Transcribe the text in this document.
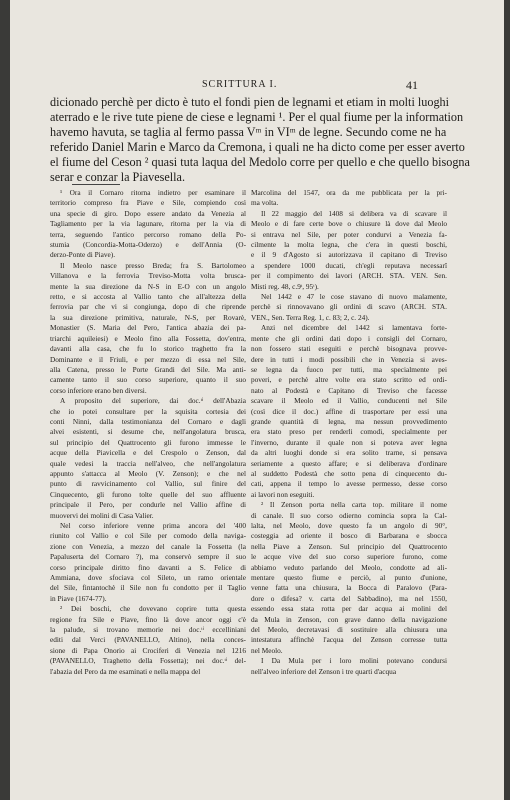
SCRITTURA I.	41
dicionado perchè per dicto è tuto el fondi pien de legnami et etiam in molti luoghi
aterrado e le rive tute piene de ciese e legnami ¹. Per el qual fiume per la information
havemo havuta, se taglia al fermo passa Vᵐ in VIᵐ de legne. Secundo come ne ha
referido Daniel Marin e Marco da Cremona, i quali ne ha dicto come per esser averto
el fiume del Ceson ² quasi tuta laqua del Medolo corre per quello e che quello bisogna
serar e conzar la Piavesella.
¹ Ora il Cornaro ritorna indietro per esaminare il
territorio compreso fra Piave e Sile, compiendo così
una specie di giro. Dopo essere andato da Venezia al
Tagliamento per la via lagunare, ritorna per la via di
terra, seguendo l'antico percorso romano della Po-
stumia (Concordia-Motta-Oderzo) e dell'Annia (O-
derzo-Ponte di Piave).
Il Meolo nasce presso Breda; fra S. Bartolomeo
Villanova e la ferrovia Treviso-Motta volta brusca-
mente la sua direzione da N-S in E-O con un angolo
retto, e si accosta al Vallio tanto che all'altezza della
ferrovia par che vi si congiunga, dopo di che riprende
la sua direzione primitiva, naturale, N-S, per Rovarè,
Monastier (S. Maria del Pero, l'antica abazia dei pa-
triarchi aquileiesi) e Meolo fino alla Fossetta, dov'entra,
davanti alla casa, che fu lo storico traghetto fra la
Dominante e il Friuli, e per mezzo di essa nel Sile,
alla Catena, presso le Porte Grandi del Sile. Ma anti-
camente tanto il suo corso superiore, quanto il suo
corso inferiore erano ben diversi.
A proposito del superiore, dai doc.ᵗⁱ dell'Abazia
che io potei consultare per la squisita cortesia dei
conti Ninni, dalla testimonianza del Cornaro e dagli
alvei esistenti, si desume che, nell'angolatura brusca,
sul principio del Quattrocento gli furono immesse le
acque della Piavicella e del Crespolo o Zenson, dal
quale vedesi la traccia nell'alveo, che nell'angolatura
appunto s'attacca al Meolo (V. Zenson); e che nel
punto di ravvicinamento col Vallio, sul finire del
Cinquecento, gli furono tolte quelle del suo affluente
principale il Pero, per condurle nel Vallio affine di
muovervi dei molini di Casa Valier.
Nel corso inferiore venne prima ancora del '400
riunito col Vallio e col Sile per comodo della naviga-
zione con Venezia, a mezzo del canale la Fossetta (la
Papaluserta del Cornaro ?), ma conservò sempre il suo
corso principale diritto fino davanti a S. Felice di
Ammiana, dove sfociava col Sileto, un ramo orientale
del Sile, fintantochè il Sile non fu condotto per il Taglio
in Piave (1674-77).
² Dei boschi, che dovevano coprire tutta questa
regione fra Sile e Piave, fino là dove ancor oggi c'è
la palude, si trovano memorie nei doc.ᵗⁱ eccelliniani
editi dal Verci (PAVANELLO, Altino), nella conces-
sione di Papa Onorio ai Crociferi di Venezia nel 1216
(PAVANELLO, Traghetto della Fossetta); nei doc.ᵗⁱ del-
l'abazia del Pero da me esaminati e nella mappa del
Marcolina del 1547, ora da me pubblicata per la pri-
ma volta.
Il 22 maggio del 1408 si delibera va di scavare il
Meolo e di fare certe bove o chiusure là dove dal Meolo
si entrava nel Sile, per poter condurvi a Venezia fa-
cilmente la molta legna, che c'era in questi boschi,
e il 9 d'Agosto si autorizzava il capitano di Treviso
a spendere 1000 ducati, ch'egli reputava necessarî
per il compimento dei lavori (ARCH. STA. VEN. Sen.
Misti reg. 48, c.9ᵗ, 95ᵗ).
Nel 1442 e 47 le cose stavano di nuovo malamente,
perchè si rinnovavano gli ordini di scavo (ARCH. STA.
VEN., Sen. Terra Reg. 1, c. 83; 2, c. 24).
Anzi nel dicembre del 1442 si lamentava forte-
mente che gli ordini dati dopo i consigli del Cornaro,
non fossero stati eseguiti e perchè bisognava provve-
dere in tutti i modi possibili che in Venezia si aves-
se legna da fuoco per tutti, ma specialmente pei
poveri, e perchè altre volte era stato scritto ed ordi-
nato al Podestà e Capitano di Treviso che facesse
scavare il Meolo ed il Vallio, conducenti nel Sile
(così dice il doc.) affine di trasportare per essi una
grande quantità di legna, ma nessun provvedimento
era stato preso per renderli comodi, specialmente per
l'inverno, durante il quale non si poteva aver legna
da altri luoghi donde si era solito trarne, si pensava
seriamente a questo affare; e si deliberava d'ordinare
al suddetto Podestà che sotto pena di cinquecento du-
cati, appena il tempo lo avesse permesso, desse corso
ai lavori non eseguiti.
² Il Zenson porta nella carta top. militare il nome
di canale. Il suo corso odierno comincia sopra la Cal-
lalta, nel Meolo, dove questo fa un angolo di 90°,
costeggia ad oriente il bosco di Barbarana e sbocca
nella Piave a Zenson. Sul principio del Quattrocento
le acque vive del suo corso superiore furono, come
abbiamo veduto parlando del Meolo, condotte ad ali-
mentare questo fiume e perciò, al punto d'unione,
venne fatta una chiusura, la Bocca di Paralovo (Para-
dore o difesa? v. carta del Sabbadino), ma nel 1550,
essendo essa stata rotta per dar acqua ai molini del
da Mula in Zenson, con grave danno della navigazione
del Meolo, decretavasi di sostituire alla chiusura una
intestatura affinchè l'acqua del Zenson corresse tutta
nel Meolo.
I Da Mula per i loro molini potevano condursi
nell'alveo inferiore del Zenson i tre quarti d'acqua
